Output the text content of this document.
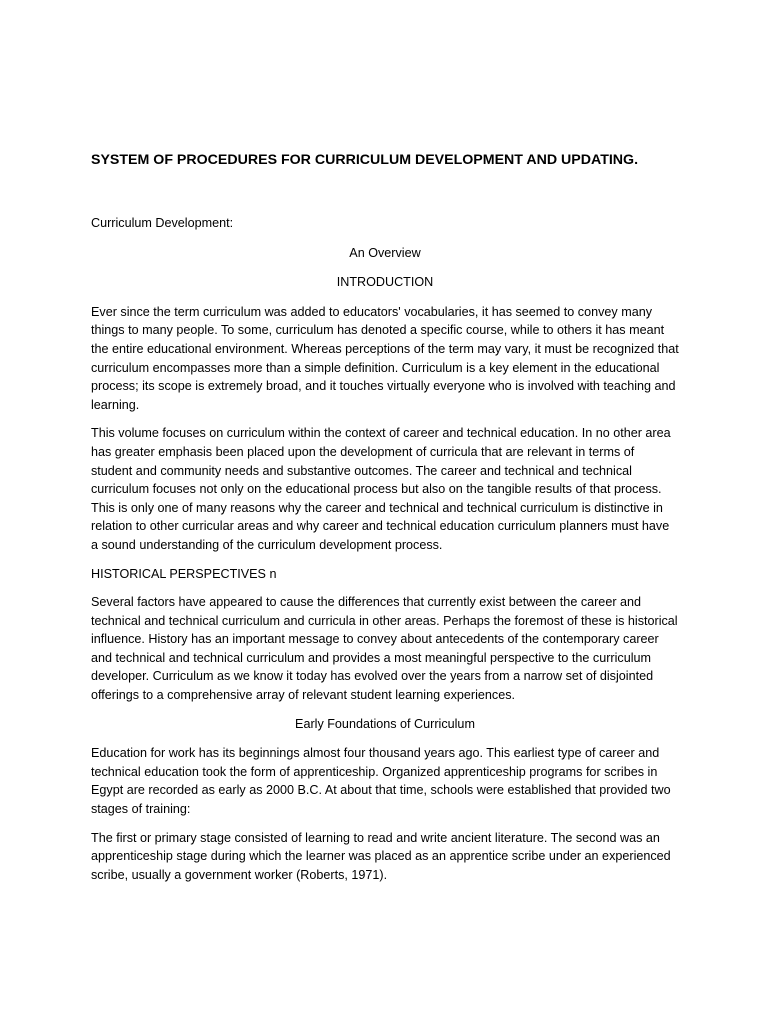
SYSTEM OF PROCEDURES FOR CURRICULUM DEVELOPMENT AND UPDATING.
Curriculum Development:
An Overview
INTRODUCTION

Ever since the term curriculum was added to educators' vocabularies, it has seemed to convey many things to many people. To some, curriculum has denoted a specific course, while to others it has meant the entire educational environment. Whereas perceptions of the term may vary, it must be recognized that curriculum encompasses more than a simple definition. Curriculum is a key element in the educational process; its scope is extremely broad, and it touches virtually everyone who is involved with teaching and learning.

This volume focuses on curriculum within the context of career and technical education. In no other area has greater emphasis been placed upon the development of curricula that are relevant in terms of student and community needs and substantive outcomes. The career and technical and technical curriculum focuses not only on the educational process but also on the tangible results of that process. This is only one of many reasons why the career and technical and technical curriculum is distinctive in relation to other curricular areas and why career and technical education curriculum planners must have a sound understanding of the curriculum development process.

HISTORICAL PERSPECTIVES n

Several factors have appeared to cause the differences that currently exist between the career and technical and technical curriculum and curricula in other areas. Perhaps the foremost of these is historical influence. History has an important message to convey about antecedents of the contemporary career and technical and technical curriculum and provides a most meaningful perspective to the curriculum developer. Curriculum as we know it today has evolved over the years from a narrow set of disjointed offerings to a comprehensive array of relevant student learning experiences.

Early Foundations of Curriculum

Education for work has its beginnings almost four thousand years ago. This earliest type of career and technical education took the form of apprenticeship. Organized apprenticeship programs for scribes in Egypt are recorded as early as 2000 B.C. At about that time, schools were established that provided two stages of training:

The first or primary stage consisted of learning to read and write ancient literature. The second was an apprenticeship stage during which the learner was placed as an apprentice scribe under an experienced scribe, usually a government worker (Roberts, 1971).
